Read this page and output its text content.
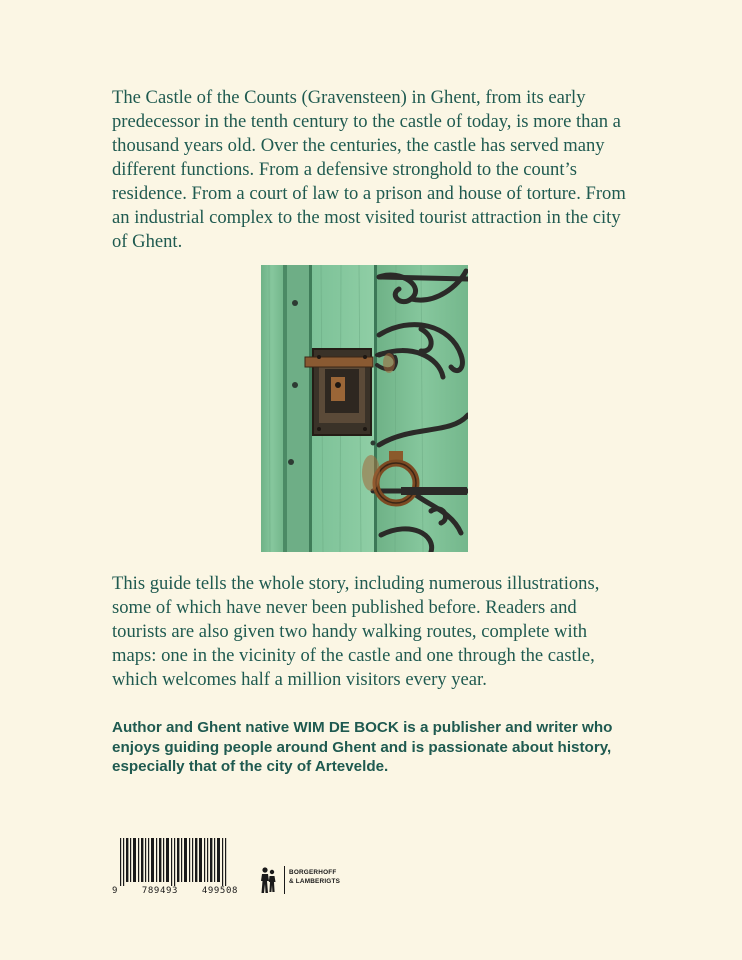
The Castle of the Counts (Gravensteen) in Ghent, from its early predecessor in the tenth century to the castle of today, is more than a thousand years old. Over the centuries, the castle has served many different functions. From a defensive stronghold to the count’s residence. From a court of law to a prison and house of torture. From an industrial complex to the most visited tourist attraction in the city of Ghent.

This guide tells the whole story, including numerous illustrations, some of which have never been published before. Readers and tourists are also given two handy walking routes, complete with maps: one in the vicinity of the castle and one through the castle, which welcomes half a million visitors every year.

Author and Ghent native WIM DE BOCK is a publisher and writer who enjoys guiding people around Ghent and is passionate about history, especially that of the city of Artevelde.

9	789493	499508
BORGERHOFF
& LAMBERIGTS
